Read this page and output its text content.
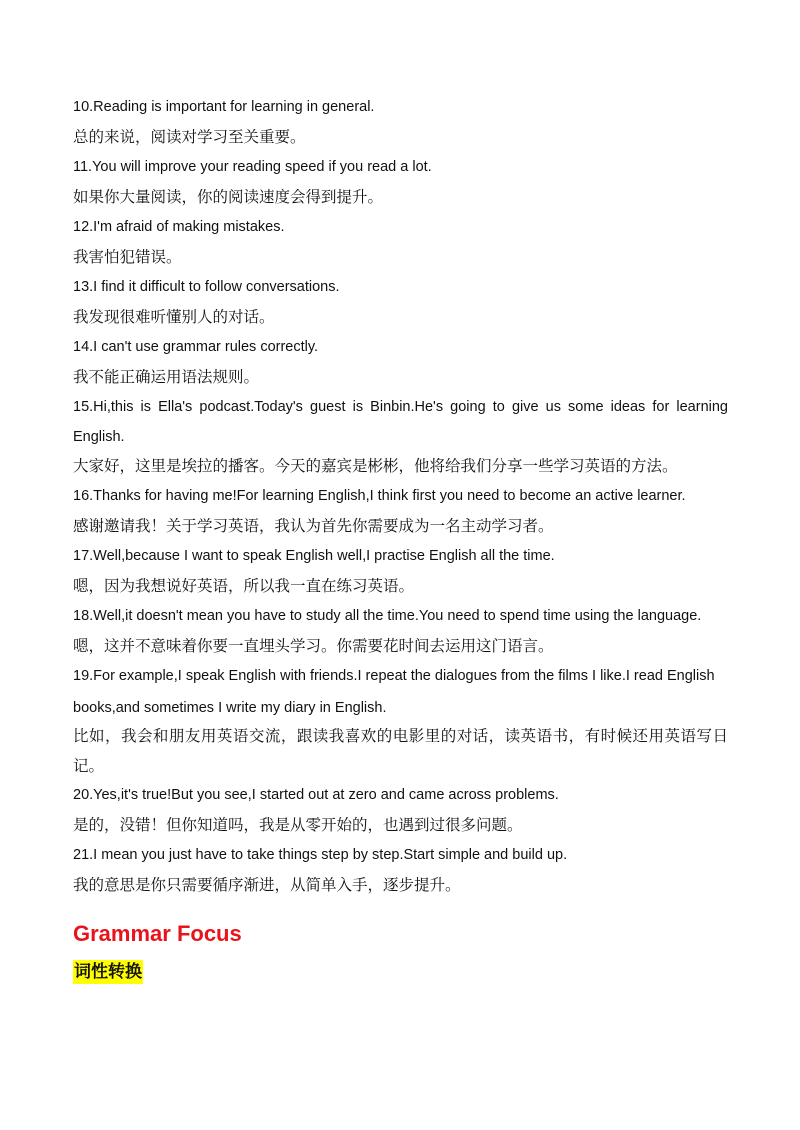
10.Reading is important for learning in general.

总的来说，阅读对学习至关重要。

11.You will improve your reading speed if you read a lot.

如果你大量阅读，你的阅读速度会得到提升。

12.I'm afraid of making mistakes.

我害怕犯错误。

13.I find it difficult to follow conversations.

我发现很难听懂别人的对话。

14.I can't use grammar rules correctly.

我不能正确运用语法规则。

15.Hi,this is Ella's podcast.Today's guest is Binbin.He's going to give us some ideas for learning English.

大家好，这里是埃拉的播客。今天的嘉宾是彬彬，他将给我们分享一些学习英语的方法。

16.Thanks for having me!For learning English,I think first you need to become an active learner.

感谢邀请我！关于学习英语，我认为首先你需要成为一名主动学习者。

17.Well,because I want to speak English well,I practise English all the time.

嗯，因为我想说好英语，所以我一直在练习英语。

18.Well,it doesn't mean you have to study all the time.You need to spend time using the language.

嗯，这并不意味着你要一直埋头学习。你需要花时间去运用这门语言。

19.For example,I speak English with friends.I repeat the dialogues from the films I like.I read English books,and sometimes I write my diary in English.

比如，我会和朋友用英语交流，跟读我喜欢的电影里的对话，读英语书，有时候还用英语写日记。

20.Yes,it's true!But you see,I started out at zero and came across problems.

是的，没错！但你知道吗，我是从零开始的，也遇到过很多问题。

21.I mean you just have to take things step by step.Start simple and build up.

我的意思是你只需要循序渐进，从简单入手，逐步提升。

Grammar Focus
词性转换
